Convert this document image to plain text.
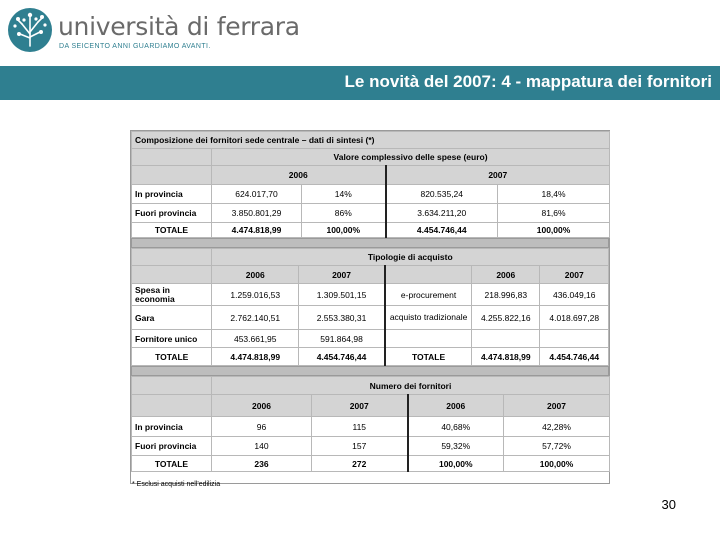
università di ferrara
DA SEICENTO ANNI GUARDIAMO AVANTI.
Le novità del 2007: 4 - mappatura dei fornitori
Composizione dei fornitori sede centrale – dati di sintesi (*)				
	Valore complessivo delle spese (euro)			
	2006		2007	
In provincia	624.017,70	14%	820.535,24	18,4%
Fuori provincia	3.850.801,29	86%	3.634.211,20	81,6%
TOTALE	4.474.818,99	100,00%	4.454.746,44	100,00%
	Tipologie di acquisto				
	2006	2007		2006	2007
Spesa in economia	1.259.016,53	1.309.501,15	e-procurement	218.996,83	436.049,16
Gara	2.762.140,51	2.553.380,31	acquisto tradizionale	4.255.822,16	4.018.697,28
Fornitore unico	453.661,95	591.864,98			
TOTALE	4.474.818,99	4.454.746,44	TOTALE	4.474.818,99	4.454.746,44
	Numero dei fornitori			
	2006	2007	2006	2007
In provincia	96	115	40,68%	42,28%
Fuori provincia	140	157	59,32%	57,72%
TOTALE	236	272	100,00%	100,00%
* Esclusi acquisti nell'edilizia
30
